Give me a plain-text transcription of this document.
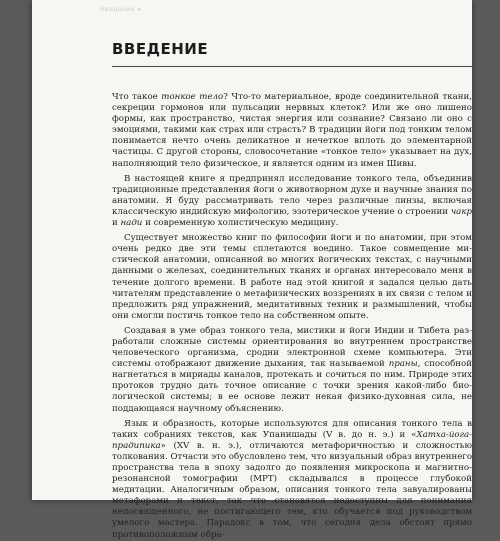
Введение ▸
ВВЕДЕНИЕ

Что такое тонкое тело? Что-то материальное, вроде соединительной ткани, секреции гормонов или пульсации нервных клеток? Или же оно лишено формы, как пространство, чистая энергия или сознание? Связано ли оно с эмоциями, такими как страх или страсть? В традиции йоги под тонким телом понимается нечто очень деликатное и нечеткое вплоть до элементарной частицы. С другой стороны, словосочетание «тонкое тело» указывает на дух, наполняющий тело физическое, и является одним из имен Шивы.

В настоящей книге я предпринял исследование тонкого тела, объединив традиционные представления йоги о животворном духе и научные знания по анатомии. Я буду рассматривать тело через различные линзы, включая классическую индийскую мифологию, эзотерическое учение о строении чакр и нади и современную холистическую медицину.

Существует множество книг по философии йоги и по анатомии, при этом очень редко две эти темы сплетаются воедино. Такое совмещение мистической анатомии, описанной во многих йогических текстах, с научными данными о железах, соединительных тканях и органах интересовало меня в течение долгого времени. В работе над этой книгой я задался целью дать читателям представление о метафизических воззрениях в их связи с телом и предложить ряд упражнений, медитативных техник и размышлений, чтобы они смогли постичь тонкое тело на собственном опыте.

Создавая в уме образ тонкого тела, мистики и йоги Индии и Тибета разработали сложные системы ориентирования во внутреннем пространстве человеческого организма, сродни электронной схеме компьютера. Эти системы отображают движение дыхания, так называемой праны, способной нагнетаться в мириады каналов, протекать и сочиться по ним. Природе этих протоков трудно дать точное описание с точки зрения какой-либо биологической системы; в ее основе лежит некая физико-духовная сила, не поддающаяся научному объяснению.

Язык и образность, которые используются для описания тонкого тела в таких собраниях текстов, как Упанишады (V в. до н. э.) и «Хатха-йога-прадипика» (XV в. н. э.), отличаются метафоричностью и сложностью толкования. Отчасти это обусловлено тем, что визуальный образ внутреннего пространства тела в эпоху задолго до появления микроскопа и магнитно-резонансной томографии (МРТ) складывался в процессе глубокой медитации. Аналогичным образом, описания тонкого тела завуалированы метафорами и текст, так что становятся недоступны для понимания непосвященного, не постигающего тем, кто обучается под руководством умелого мастера. Парадокс в том, что сегодня дела обстоят прямо противоположным обра-
